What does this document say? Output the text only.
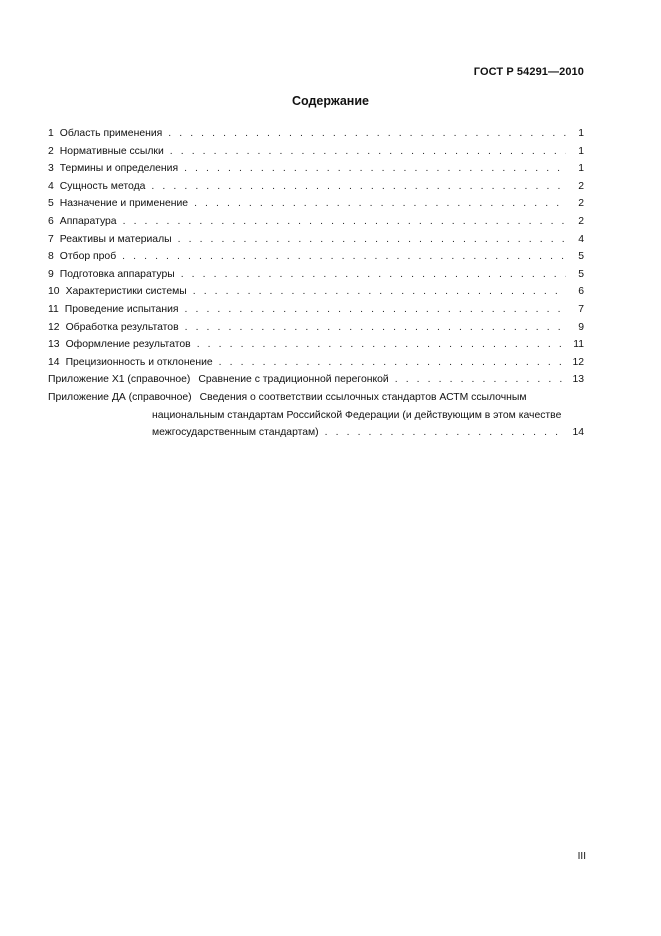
ГОСТ Р 54291—2010
Содержание
1 Область применения . . .	1
2 Нормативные ссылки . . .	1
3 Термины и определения . . .	1
4 Сущность метода . . .	2
5 Назначение и применение . . .	2
6 Аппаратура . . .	2
7 Реактивы и материалы . . .	4
8 Отбор проб . . .	5
9 Подготовка аппаратуры . . .	5
10 Характеристики системы . . .	6
11 Проведение испытания . . .	7
12 Обработка результатов . . .	9
13 Оформление результатов . . .	11
14 Прецизионность и отклонение . . .	12
Приложение Х1 (справочное) Сравнение с традиционной перегонкой . . .	13
Приложение ДА (справочное) Сведения о соответствии ссылочных стандартов АСТМ ссылочным
национальным стандартам Российской Федерации (и действующим в этом качестве
межгосударственным стандартам) . . .	14
III
